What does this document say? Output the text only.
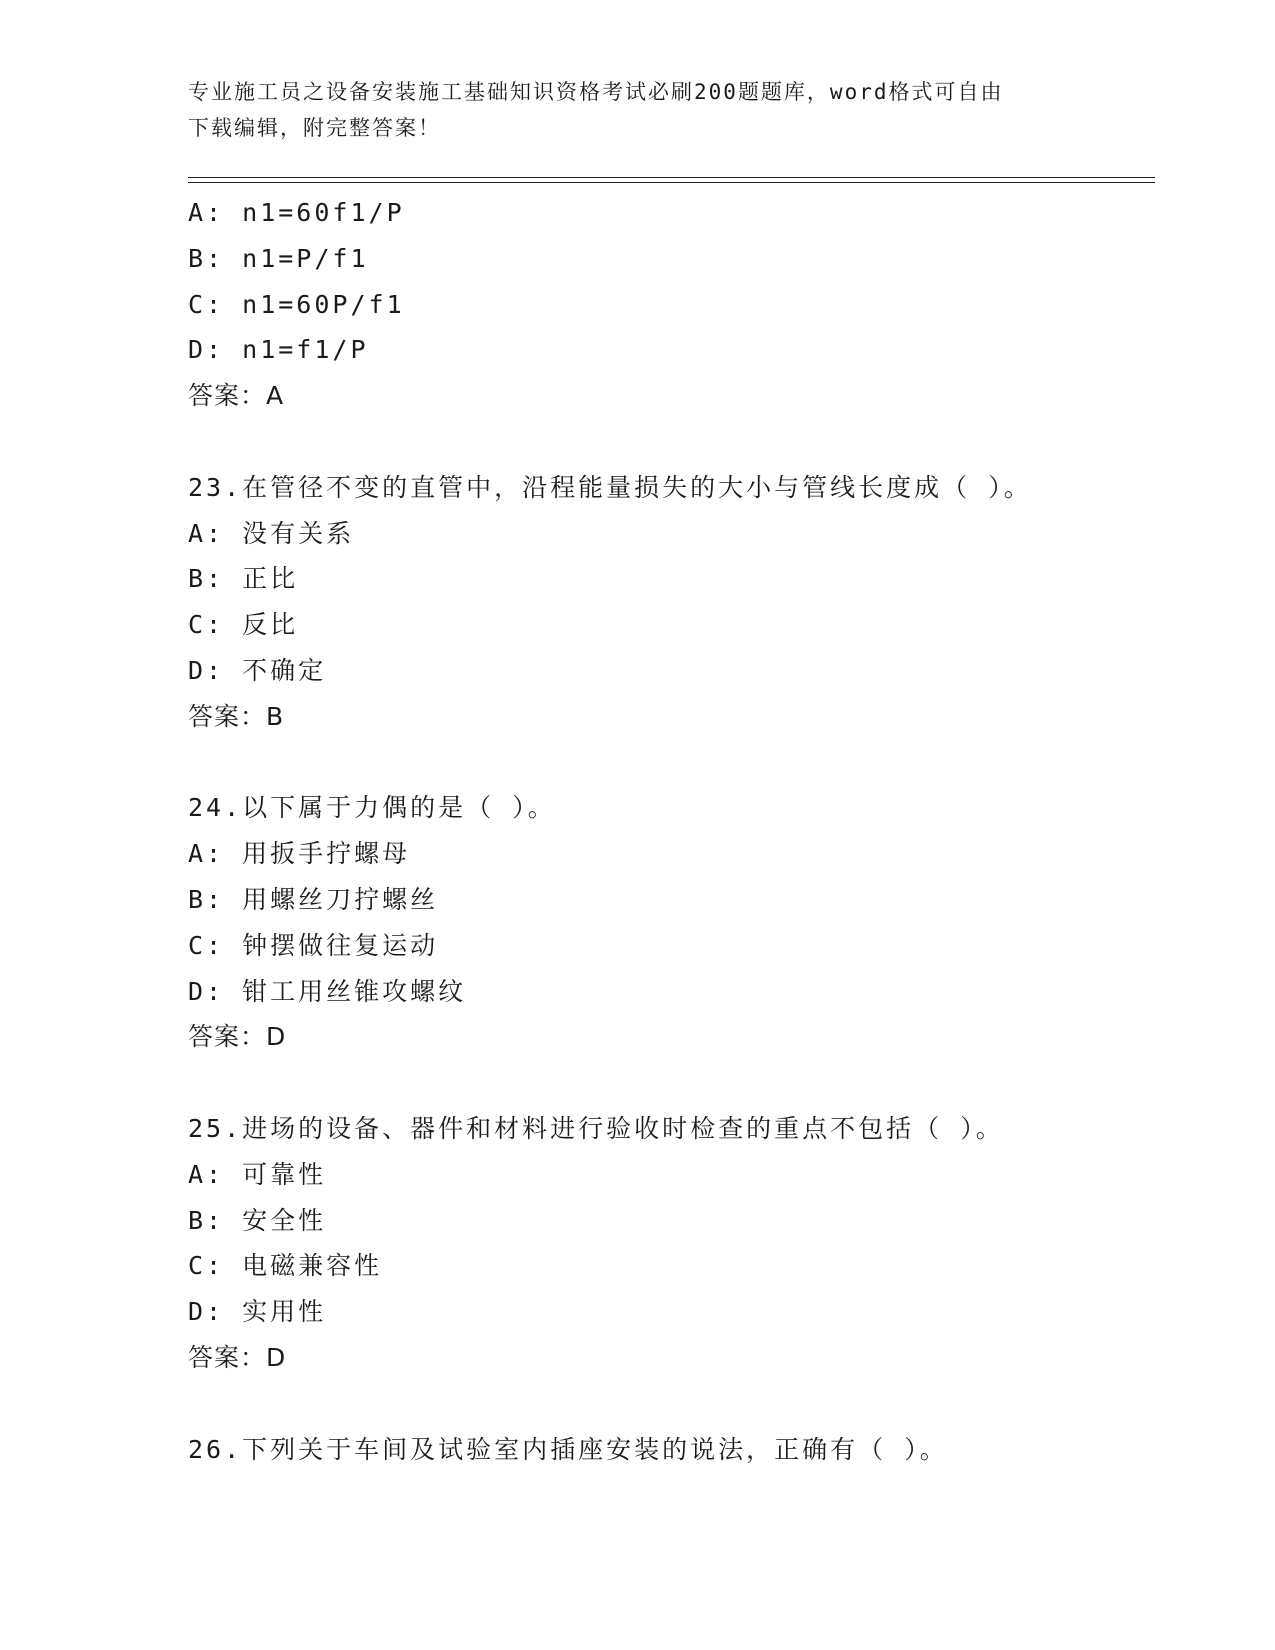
专业施工员之设备安装施工基础知识资格考试必刷200题题库，word格式可自由
下载编辑，附完整答案！
A: n1=60f1/P
B: n1=P/f1
C: n1=60P/f1
D: n1=f1/P
答案：A
23.在管径不变的直管中，沿程能量损失的大小与管线长度成（ ）。
A: 没有关系
B: 正比
C: 反比
D: 不确定
答案：B
24.以下属于力偶的是（ ）。
A: 用扳手拧螺母
B: 用螺丝刀拧螺丝
C: 钟摆做往复运动
D: 钳工用丝锥攻螺纹
答案：D
25.进场的设备、器件和材料进行验收时检查的重点不包括（ ）。
A: 可靠性
B: 安全性
C: 电磁兼容性
D: 实用性
答案：D
26.下列关于车间及试验室内插座安装的说法，正确有（ ）。
